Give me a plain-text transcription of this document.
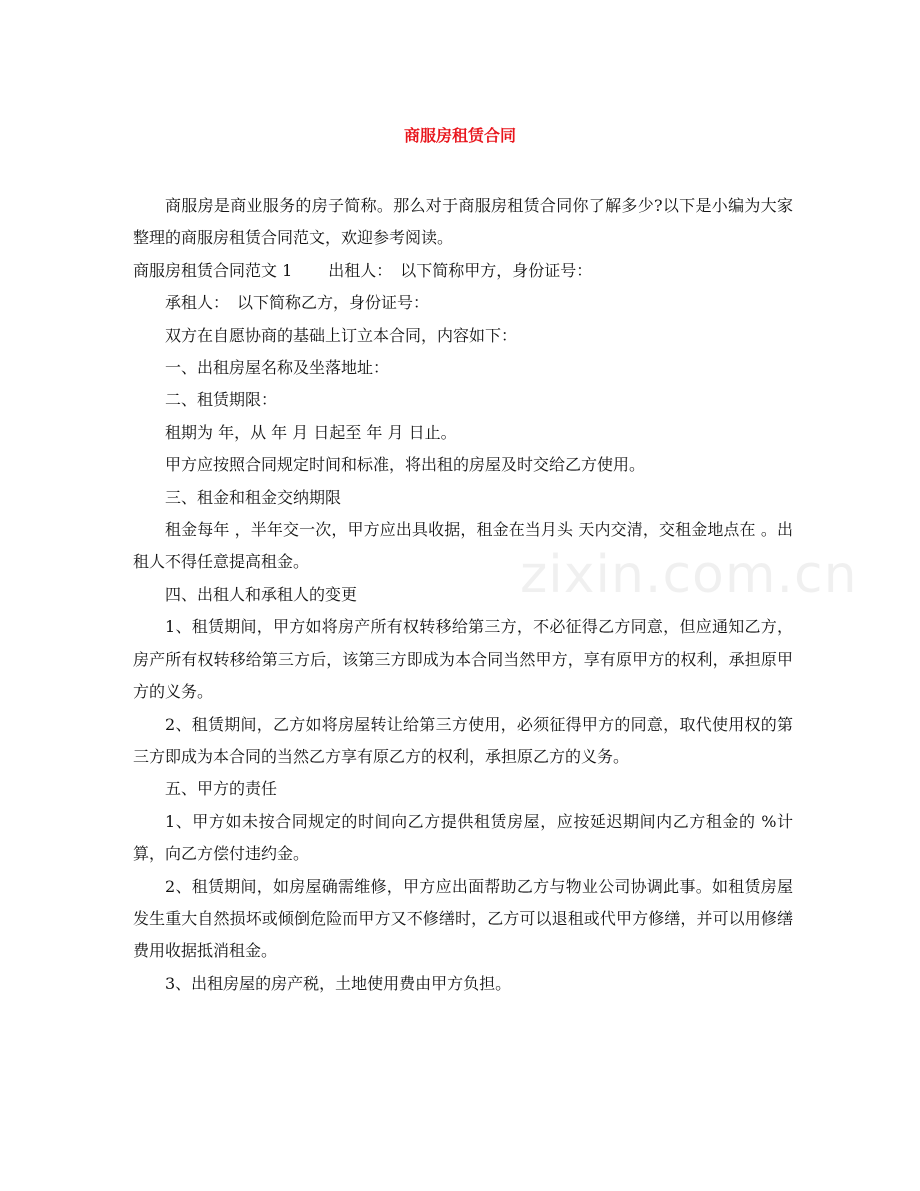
商服房租赁合同
zixin.com.cn

商服房是商业服务的房子简称。那么对于商服房租赁合同你了解多少?以下是小编为大家整理的商服房租赁合同范文，欢迎参考阅读。

商服房租赁合同范文 1 出租人：　以下简称甲方，身份证号：

承租人：　以下简称乙方，身份证号：

双方在自愿协商的基础上订立本合同，内容如下：

一、出租房屋名称及坐落地址：

二、租赁期限：

租期为 年，从 年 月 日起至 年 月 日止。

甲方应按照合同规定时间和标准，将出租的房屋及时交给乙方使用。

三、租金和租金交纳期限

租金每年 ，半年交一次，甲方应出具收据，租金在当月头 天内交清，交租金地点在 。出租人不得任意提高租金。

四、出租人和承租人的变更

1、租赁期间，甲方如将房产所有权转移给第三方，不必征得乙方同意，但应通知乙方，房产所有权转移给第三方后，该第三方即成为本合同当然甲方，享有原甲方的权利，承担原甲方的义务。

2、租赁期间，乙方如将房屋转让给第三方使用，必须征得甲方的同意，取代使用权的第三方即成为本合同的当然乙方享有原乙方的权利，承担原乙方的义务。

五、甲方的责任

1、甲方如未按合同规定的时间向乙方提供租赁房屋，应按延迟期间内乙方租金的 %计算，向乙方偿付违约金。

2、租赁期间，如房屋确需维修，甲方应出面帮助乙方与物业公司协调此事。如租赁房屋发生重大自然损坏或倾倒危险而甲方又不修缮时，乙方可以退租或代甲方修缮，并可以用修缮费用收据抵消租金。

3、出租房屋的房产税，土地使用费由甲方负担。
